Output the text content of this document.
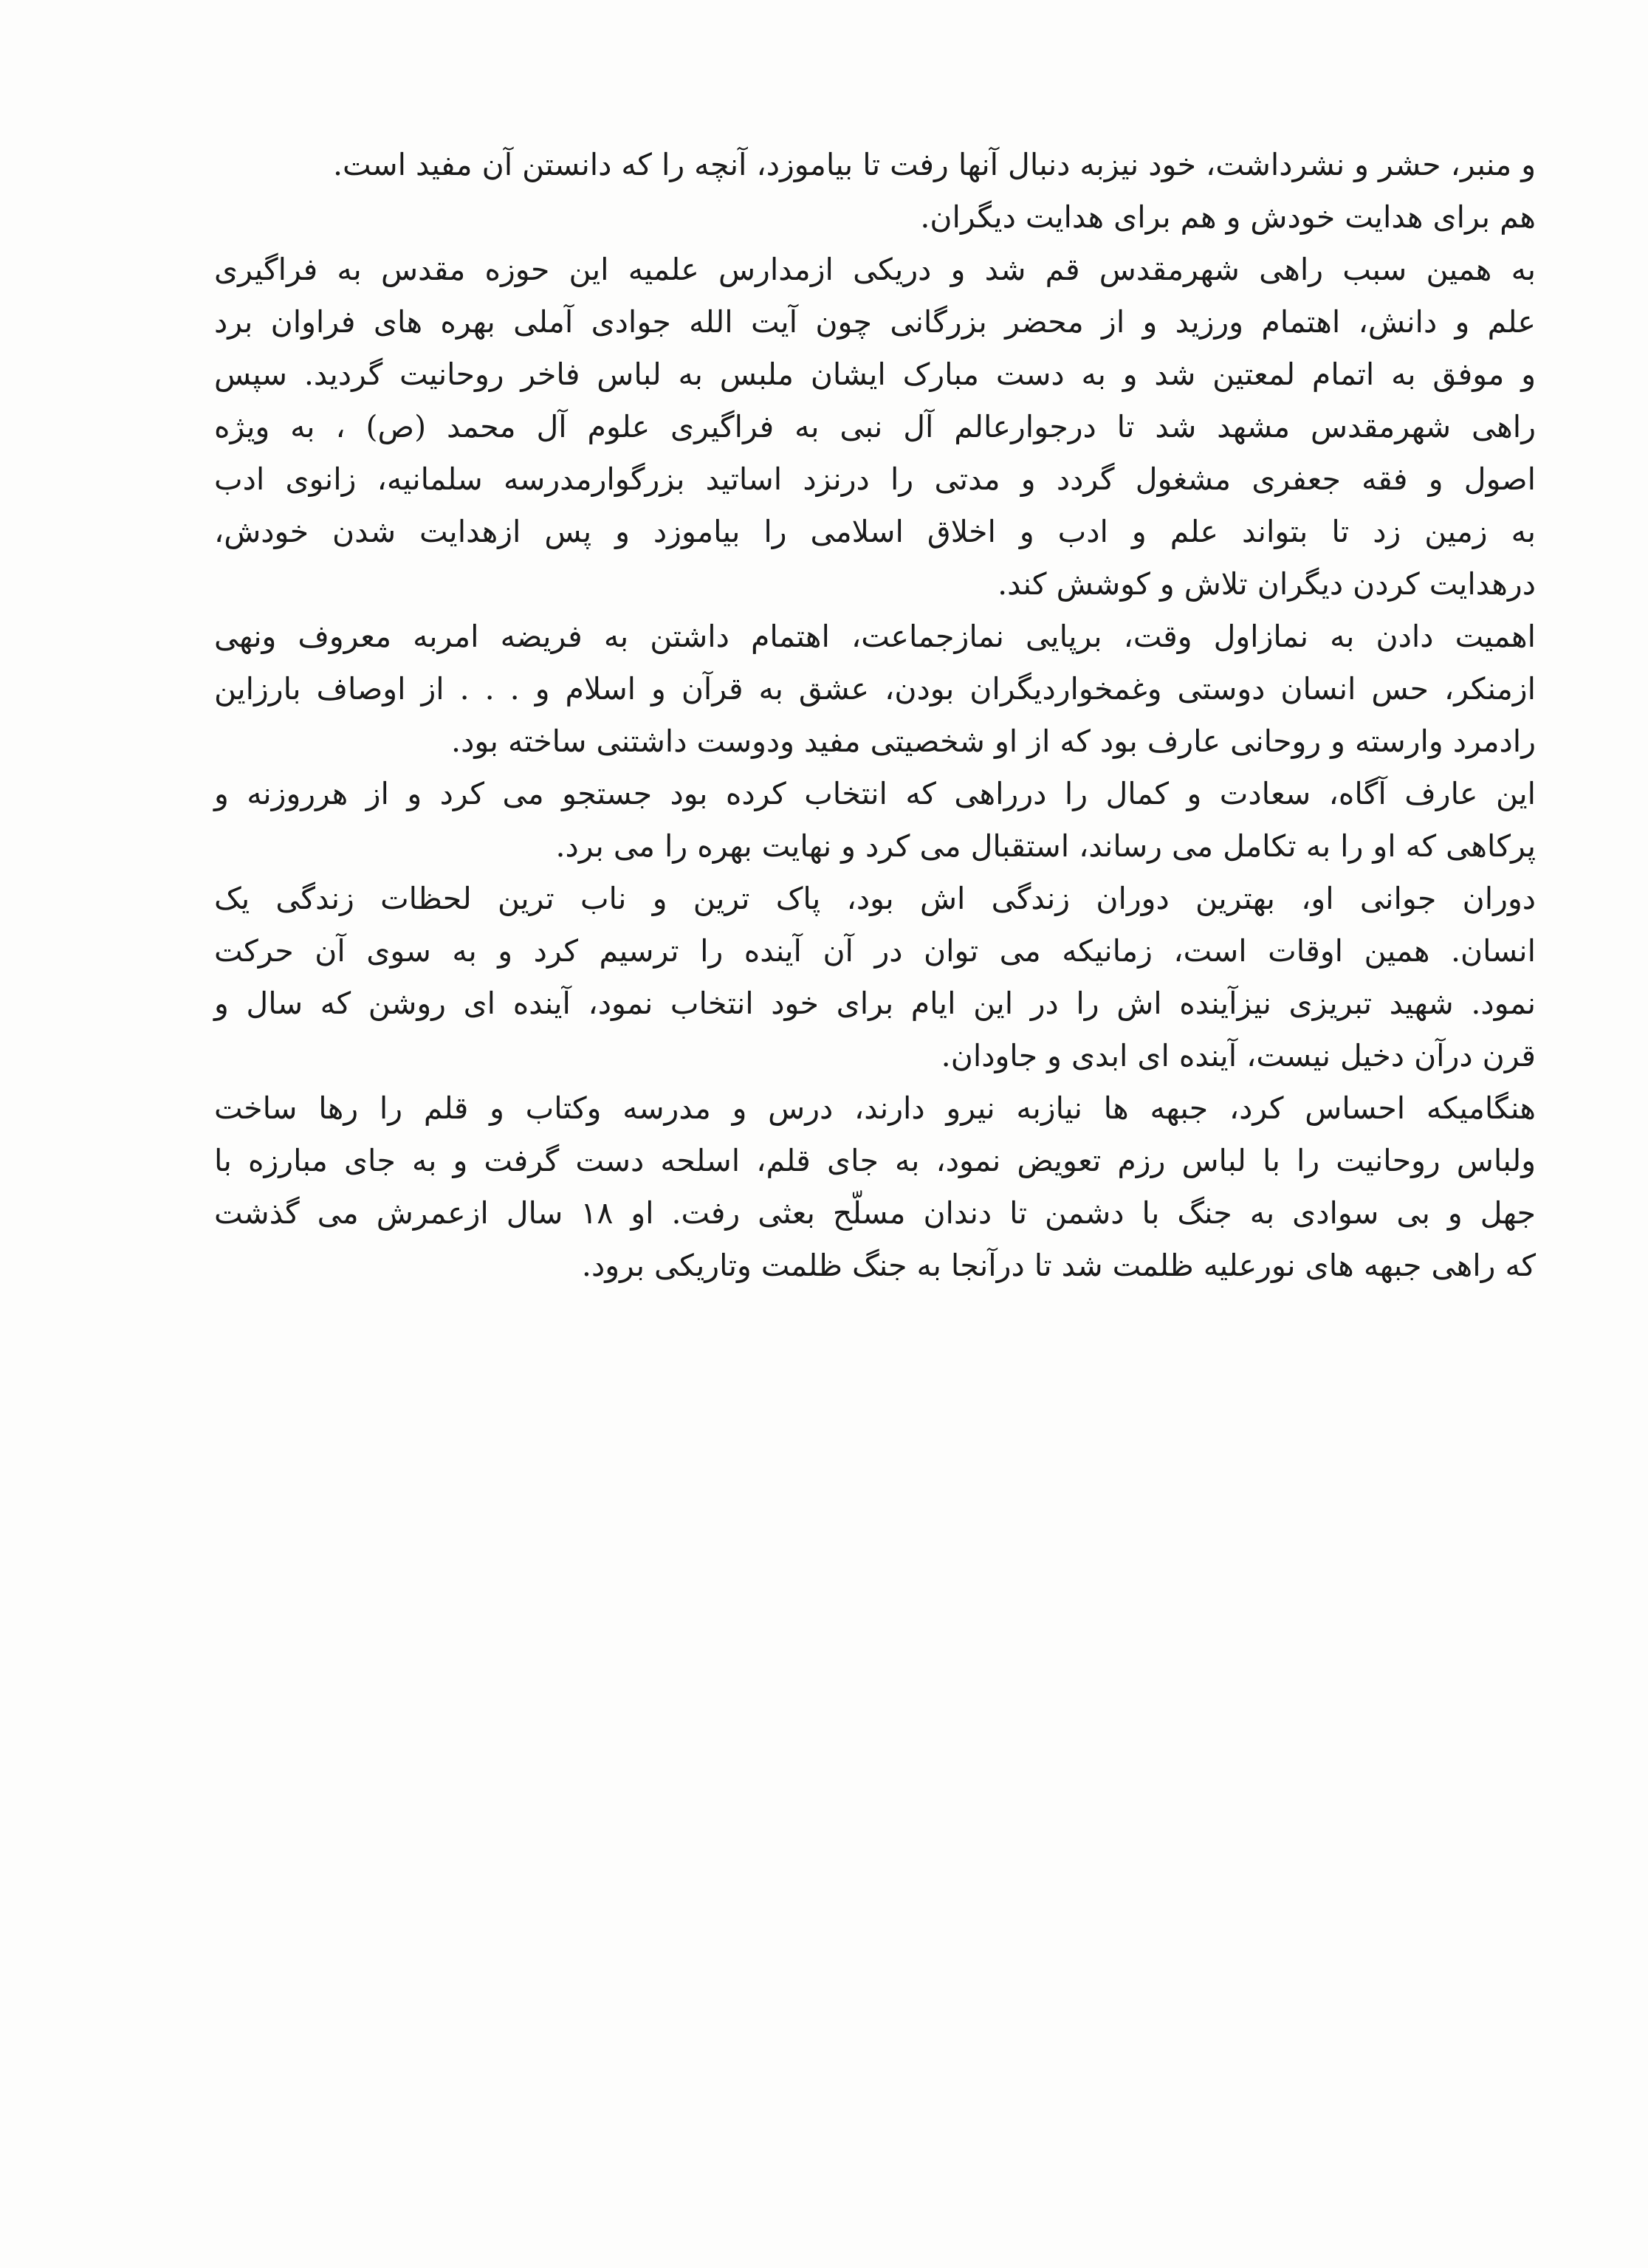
و منبر، حشر و نشرداشت، خود نیزبه دنبال آنها رفت تا بیاموزد، آنچه را که دانستن آن مفید است.
هم برای هدایت خودش و هم برای هدایت دیگران.
به همین سبب راهی شهرمقدس قم شد و دریکی ازمدارس علمیه این حوزه مقدس به فراگیری
علم و دانش، اهتمام ورزید و از محضر بزرگانی چون آیت الله جوادی آملی بهره های فراوان برد
و موفق به اتمام لمعتین شد و به دست مبارک ایشان ملبس به لباس فاخر روحانیت گردید. سپس
راهی شهرمقدس مشهد شد تا درجوارعالم آل نبی به فراگیری علوم آل محمد (ص) ، به ویژه
اصول و فقه جعفری مشغول گردد و مدتی را درنزد اساتید بزرگوارمدرسه سلمانیه، زانوی ادب
به زمین زد تا بتواند علم و ادب و اخلاق اسلامی را بیاموزد و پس ازهدایت شدن خودش،
درهدایت کردن دیگران تلاش و کوشش کند.
اهمیت دادن به نمازاول وقت، برپایی نمازجماعت، اهتمام داشتن به فریضه امربه معروف ونهی
ازمنکر، حس انسان دوستی وغمخواردیگران بودن، عشق به قرآن و اسلام و . . . از اوصاف بارزاین
رادمرد وارسته و روحانی عارف بود که از او شخصیتی مفید ودوست داشتنی ساخته بود.
این عارف آگاه، سعادت و کمال را درراهی که انتخاب کرده بود جستجو می کرد و از هرروزنه و
پرکاهی که او را به تکامل می رساند، استقبال می کرد و نهایت بهره را می برد.
دوران جوانی او، بهترین دوران زندگی اش بود، پاک ترین و ناب ترین لحظات زندگی یک
انسان. همین اوقات است، زمانیکه می توان در آن آینده را ترسیم کرد و به سوی آن حرکت
نمود. شهید تبریزی نیزآینده اش را در این ایام برای خود انتخاب نمود، آینده ای روشن که سال و
قرن درآن دخیل نیست، آینده ای ابدی و جاودان.
هنگامیکه احساس کرد، جبهه ها نیازبه نیرو دارند، درس و مدرسه وکتاب و قلم را رها ساخت
ولباس روحانیت را با لباس رزم تعویض نمود، به جای قلم، اسلحه دست گرفت و به جای مبارزه با
جهل و بی سوادی به جنگ با دشمن تا دندان مسلّح بعثی رفت. او ۱۸ سال ازعمرش می گذشت
که راهی جبهه های نورعلیه ظلمت شد تا درآنجا به جنگ ظلمت وتاریکی برود.
